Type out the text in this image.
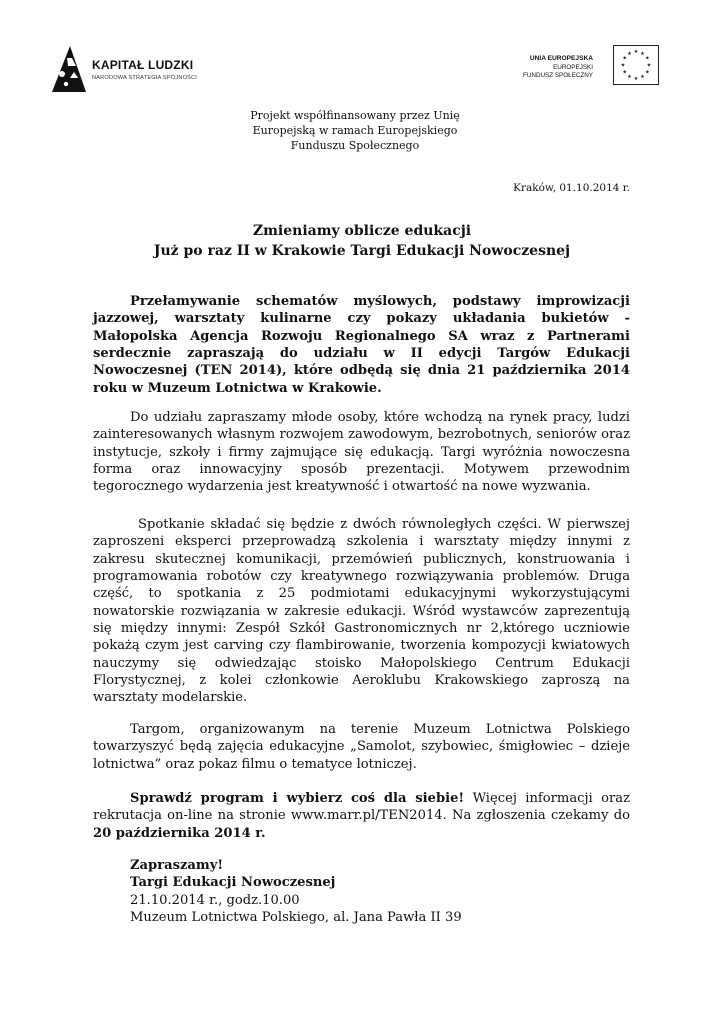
KAPITAŁ LUDZKI
NARODOWA STRATEGIA SPÓJNOŚCI
UNIA EUROPEJSKA
EUROPEJSKI
FUNDUSZ SPOŁECZNY
★ ★
★
★
★
★
★
★
★
★
★
★
Projekt współfinansowany przez Unię
Europejską w ramach Europejskiego
Funduszu Społecznego
Kraków, 01.10.2014 r.
Zmieniamy oblicze edukacji
Już po raz II w Krakowie Targi Edukacji Nowoczesnej

Przełamywanie schematów myślowych, podstawy improwizacji jazzowej, warsztaty kulinarne czy pokazy układania bukietów - Małopolska Agencja Rozwoju Regionalnego SA wraz z Partnerami serdecznie zapraszają do udziału w II edycji Targów Edukacji Nowoczesnej (TEN 2014), które odbędą się dnia 21 października 2014 roku w Muzeum Lotnictwa w Krakowie.

Do udziału zapraszamy młode osoby, które wchodzą na rynek pracy, ludzi zainteresowanych własnym rozwojem zawodowym, bezrobotnych, seniorów oraz instytucje, szkoły i firmy zajmujące się edukacją. Targi wyróżnia nowoczesna forma oraz innowacyjny sposób prezentacji. Motywem przewodnim tegorocznego wydarzenia jest kreatywność i otwartość na nowe wyzwania.

Spotkanie składać się będzie z dwóch równoległych części. W pierwszej zaproszeni eksperci przeprowadzą szkolenia i warsztaty między innymi z zakresu skutecznej komunikacji, przemówień publicznych, konstruowania i programowania robotów czy kreatywnego rozwiązywania problemów. Druga część, to spotkania z 25 podmiotami edukacyjnymi wykorzystującymi nowatorskie rozwiązania w zakresie edukacji. Wśród wystawców zaprezentują się między innymi: Zespół Szkół Gastronomicznych nr 2,którego uczniowie pokażą czym jest carving czy flambirowanie, tworzenia kompozycji kwiatowych nauczymy się odwiedzając stoisko Małopolskiego Centrum Edukacji Florystycznej, z kolei członkowie Aeroklubu Krakowskiego zaproszą na warsztaty modelarskie.

Targom, organizowanym na terenie Muzeum Lotnictwa Polskiego towarzyszyć będą zajęcia edukacyjne „Samolot, szybowiec, śmigłowiec – dzieje lotnictwa” oraz pokaz filmu o tematyce lotniczej.

Sprawdź program i wybierz coś dla siebie! Więcej informacji oraz rekrutacja on-line na stronie www.marr.pl/TEN2014. Na zgłoszenia czekamy do 20 października 2014 r.

Zapraszamy!
Targi Edukacji Nowoczesnej
21.10.2014 r., godz.10.00
Muzeum Lotnictwa Polskiego, al. Jana Pawła II 39
